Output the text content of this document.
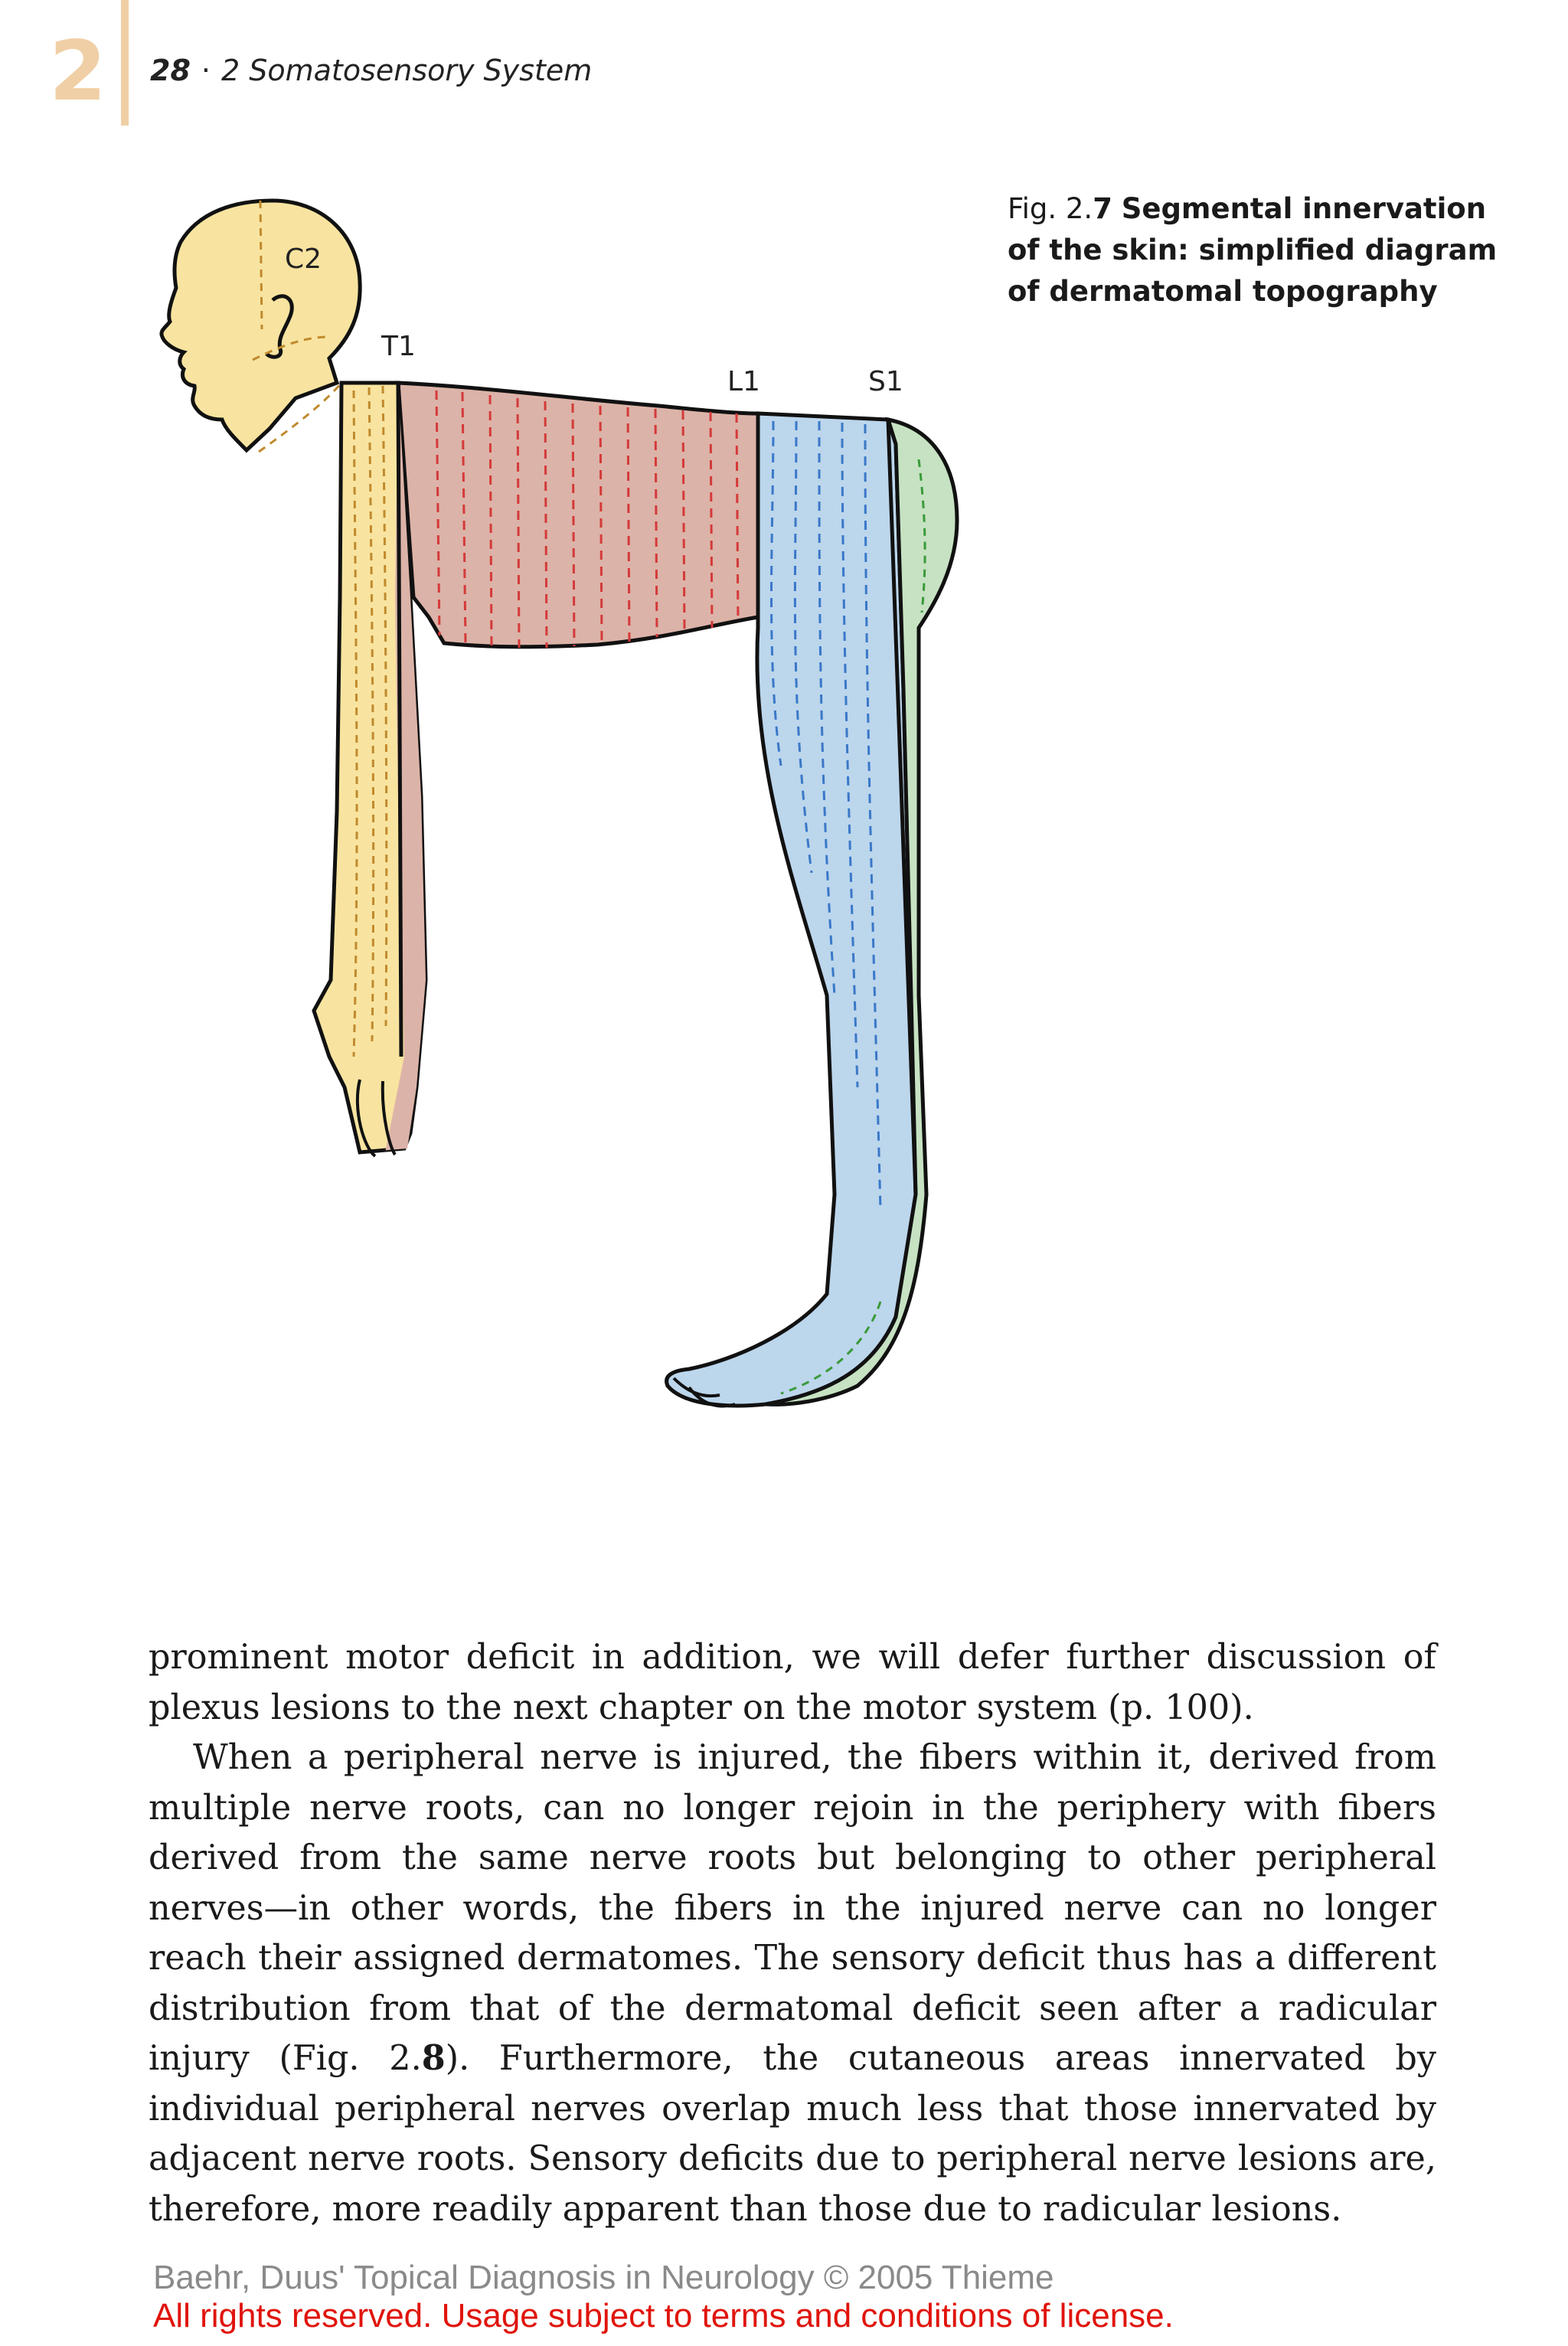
2 28 · 2 Somatosensory System
C2
T1
L1	S1
Fig. 2.7 Segmental innervation of the skin: simplified diagram of dermatomal topography

prominent motor deficit in addition, we will defer further discussion of plexus lesions to the next chapter on the motor system (p. 100).

When a peripheral nerve is injured, the fibers within it, derived from multiple nerve roots, can no longer rejoin in the periphery with fibers derived from the same nerve roots but belonging to other peripheral nerves—in other words, the fibers in the injured nerve can no longer reach their assigned dermatomes. The sensory deficit thus has a different distribution from that of the dermatomal deficit seen after a radicular injury (Fig. 2.8). Furthermore, the cutaneous areas innervated by individual peripheral nerves overlap much less that those innervated by adjacent nerve roots. Sensory deficits due to peripheral nerve lesions are, therefore, more readily apparent than those due to radicular lesions.

Baehr, Duus' Topical Diagnosis in Neurology © 2005 Thieme
All rights reserved. Usage subject to terms and conditions of license.
